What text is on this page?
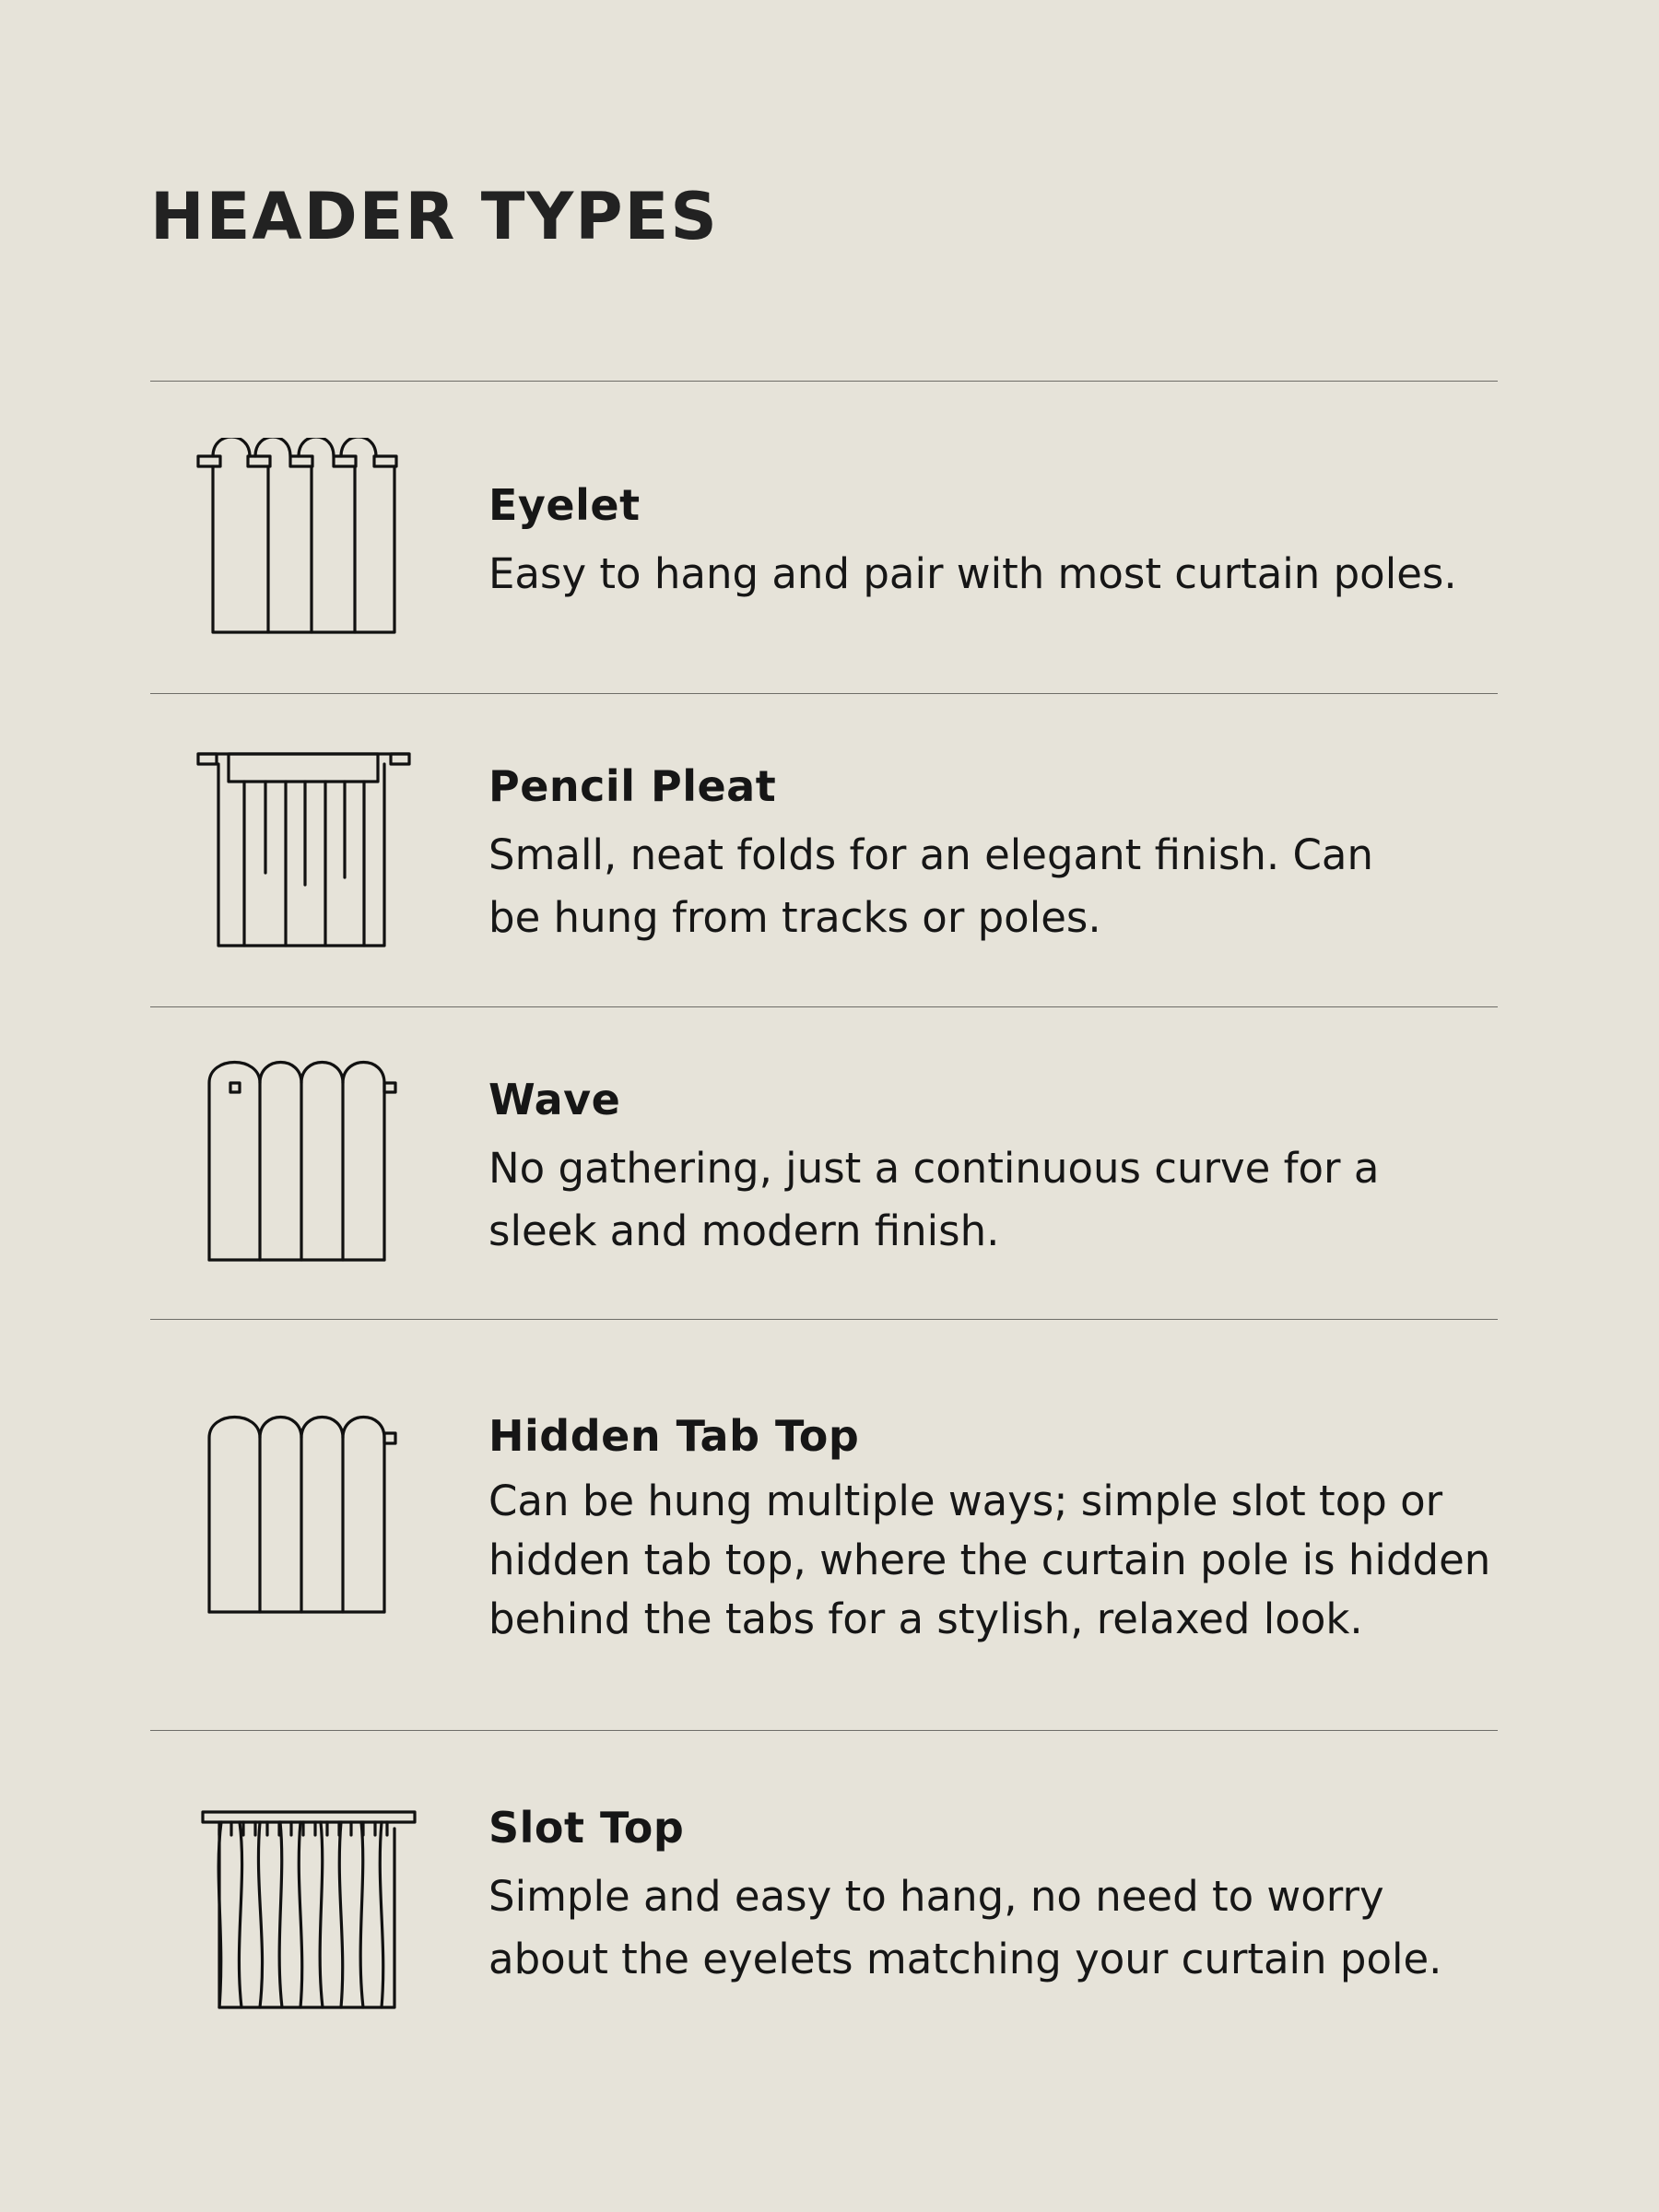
HEADER TYPES
Eyelet
Easy to hang and pair with most curtain poles.
Pencil Pleat
Small, neat folds for an elegant finish. Can
be hung from tracks or poles.
Wave
No gathering, just a continuous curve for a
sleek and modern finish.
Hidden Tab Top
Can be hung multiple ways; simple slot top or
hidden tab top, where the curtain pole is hidden
behind the tabs for a stylish, relaxed look.
Slot Top
Simple and easy to hang, no need to worry
about the eyelets matching your curtain pole.
